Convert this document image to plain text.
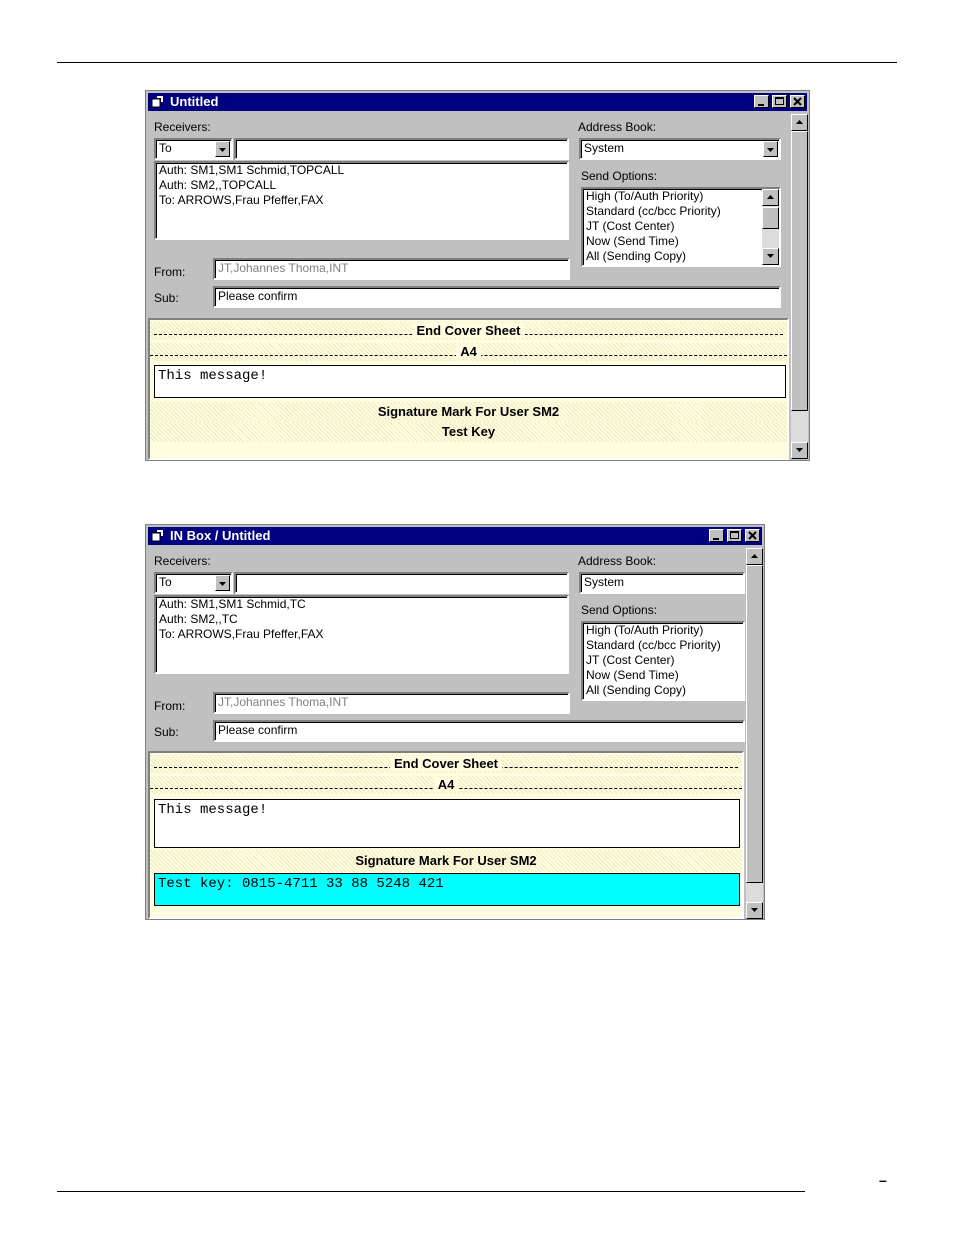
–
Untitled
Receivers:
To
Auth: SM1,SM1 Schmid,TOPCALL
Auth: SM2,,TOPCALL
To: ARROWS,Frau Pfeffer,FAX
Address Book:
System
Send Options:
High (To/Auth Priority)
Standard (cc/bcc Priority)
JT (Cost Center)
Now (Send Time)
All (Sending Copy)
From:	JT,Johannes Thoma,INT
Sub:	Please confirm
End Cover Sheet
A4
This message!
Signature Mark For User SM2
Test Key
IN Box / Untitled
Receivers:
To
Auth: SM1,SM1 Schmid,TC
Auth: SM2,,TC
To: ARROWS,Frau Pfeffer,FAX
Address Book:
System
Send Options:
High (To/Auth Priority)
Standard (cc/bcc Priority)
JT (Cost Center)
Now (Send Time)
All (Sending Copy)
From:	JT,Johannes Thoma,INT
Sub:	Please confirm
End Cover Sheet
A4
This message!
Signature Mark For User SM2
Test key: 0815-4711 33 88 5248 421
